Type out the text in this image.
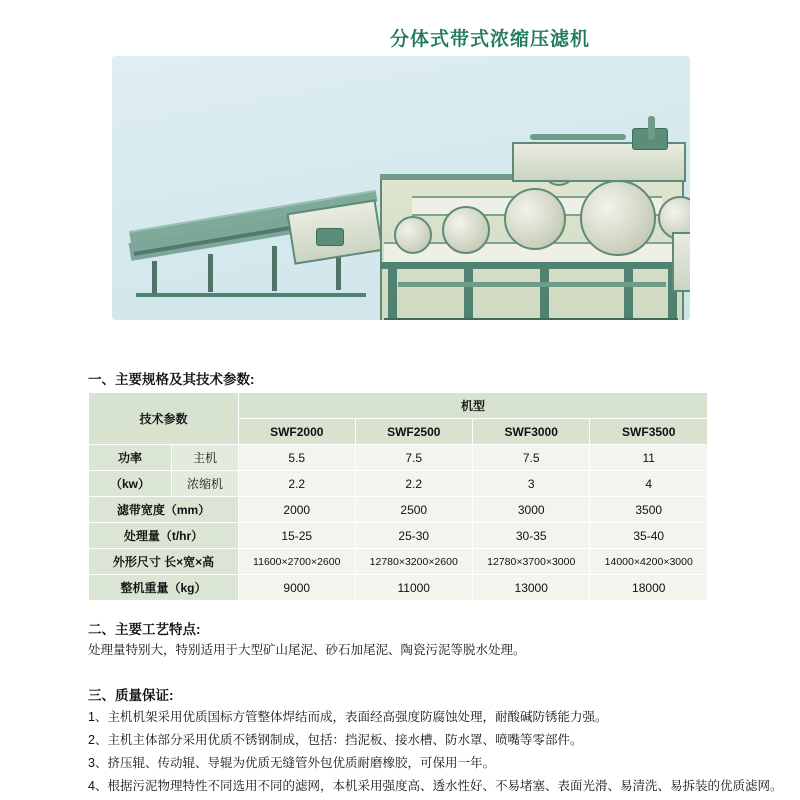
分体式带式浓缩压滤机
一、主要规格及其技术参数:
技术参数		机型			
		SWF2000	SWF2500	SWF3000	SWF3500
功率	主机	5.5	7.5	7.5	11
（kw）	浓缩机	2.2	2.2	3	4
滤带宽度（mm）		2000	2500	3000	3500
处理量（t/hr）		15-25	25-30	30-35	35-40
外形尺寸 长×宽×高		11600×2700×2600	12780×3200×2600	12780×3700×3000	14000×4200×3000
整机重量（kg）		9000	11000	13000	18000
二、主要工艺特点:
处理量特别大，特别适用于大型矿山尾泥、砂石加尾泥、陶瓷污泥等脱水处理。
三、质量保证:
1、主机机架采用优质国标方管整体焊结而成，表面经高强度防腐蚀处理，耐酸碱防锈能力强。
2、主机主体部分采用优质不锈钢制成，包括：挡泥板、接水槽、防水罩、喷嘴等零部件。
3、挤压辊、传动辊、导辊为优质无缝管外包优质耐磨橡胶，可保用一年。
4、根据污泥物理特性不同选用不同的滤网，本机采用强度高、透水性好、不易堵塞、表面光滑、易清洗、易拆装的优质滤网。
